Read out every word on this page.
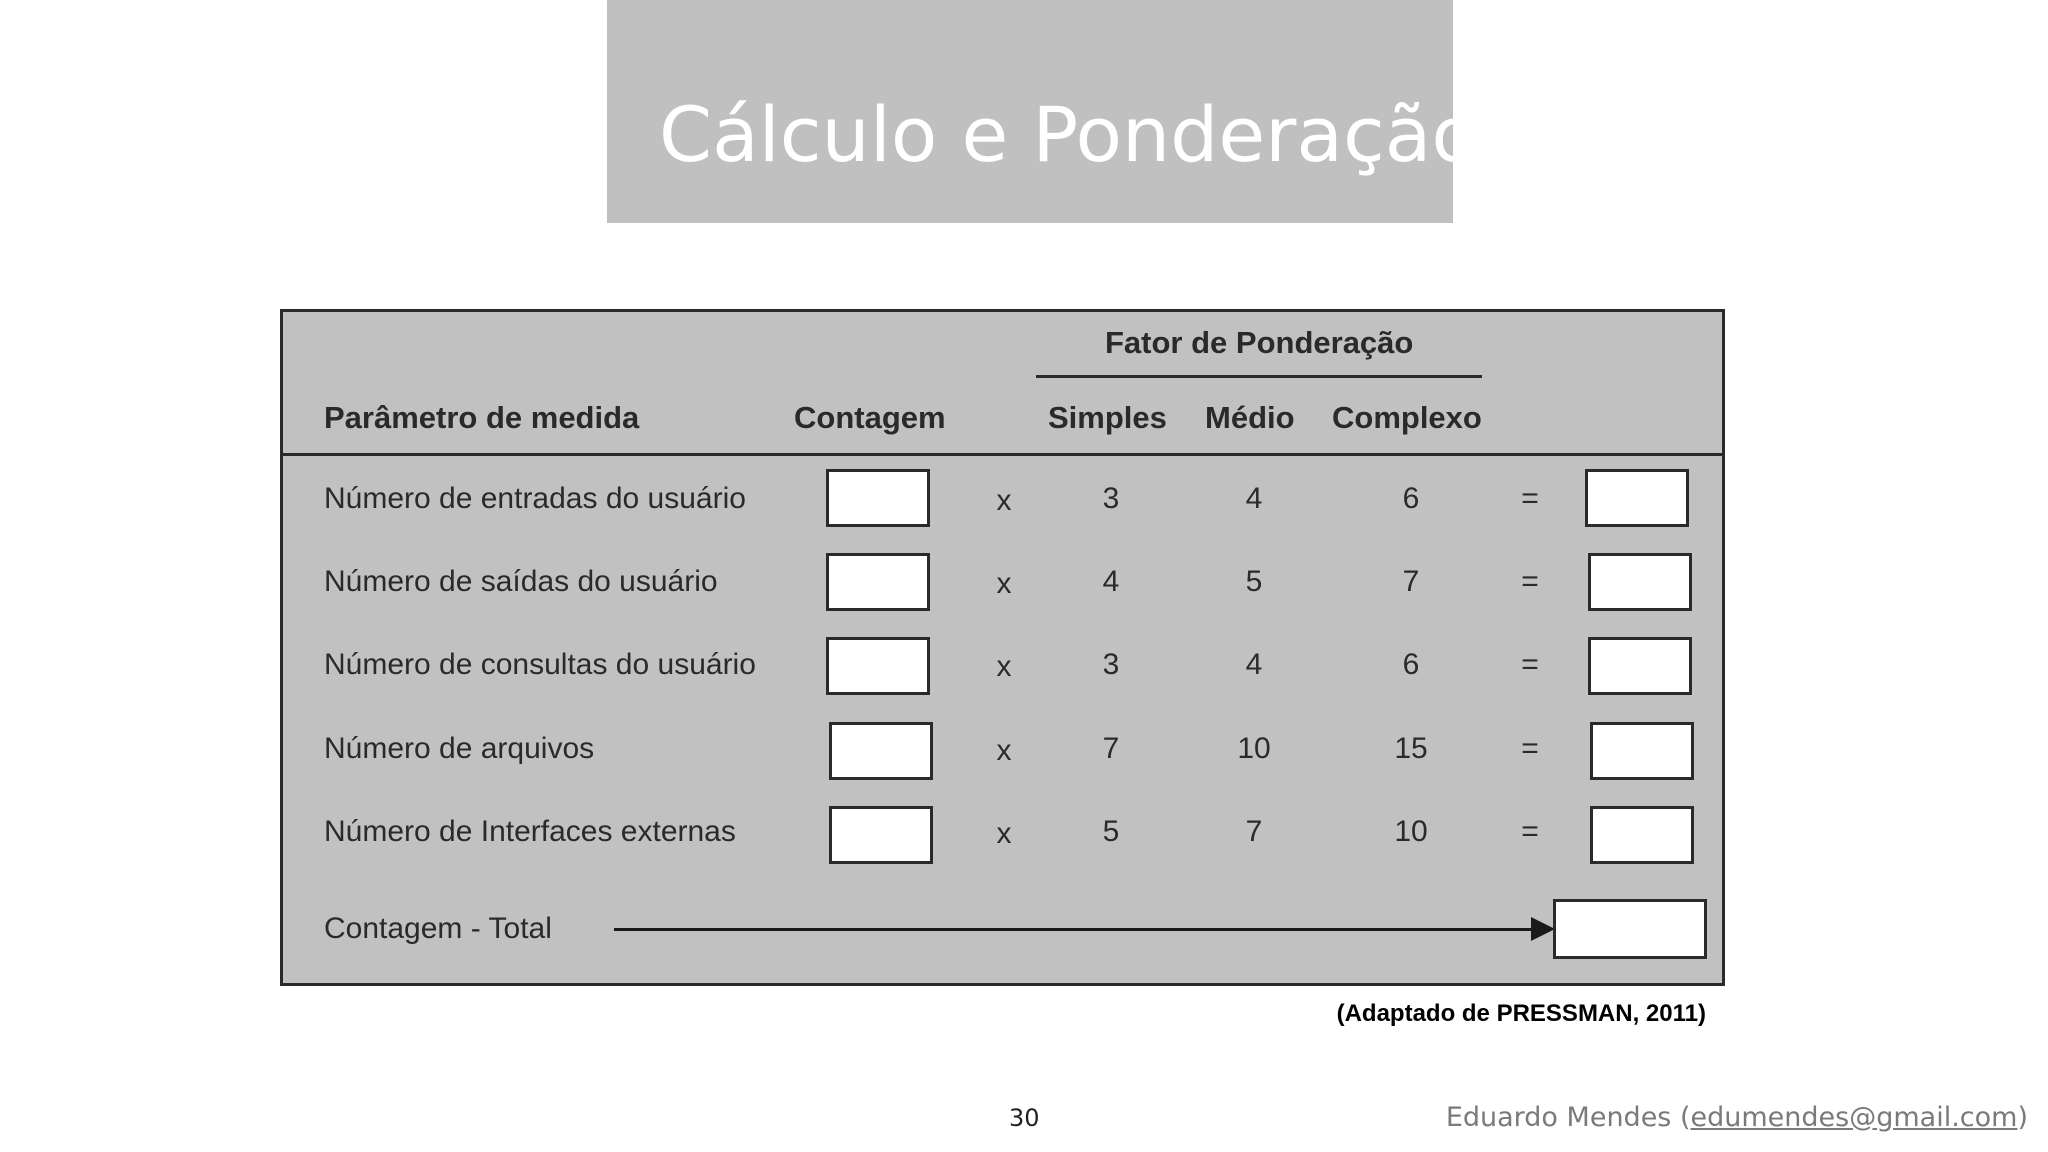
Cálculo e Ponderação
Fator de Ponderação
Parâmetro de medida	Contagem	Simples Médio Complexo
Número de entradas do usuário	x	3	4	6	=
Número de saídas do usuário	x	4	5	7	=
Número de consultas do usuário	x	3	4	6	=
Número de arquivos	x	7	10	15	=
Número de Interfaces externas	x	5	7	10	=
Contagem - Total
(Adaptado de PRESSMAN, 2011)
30	Eduardo Mendes (edumendes@gmail.com)
